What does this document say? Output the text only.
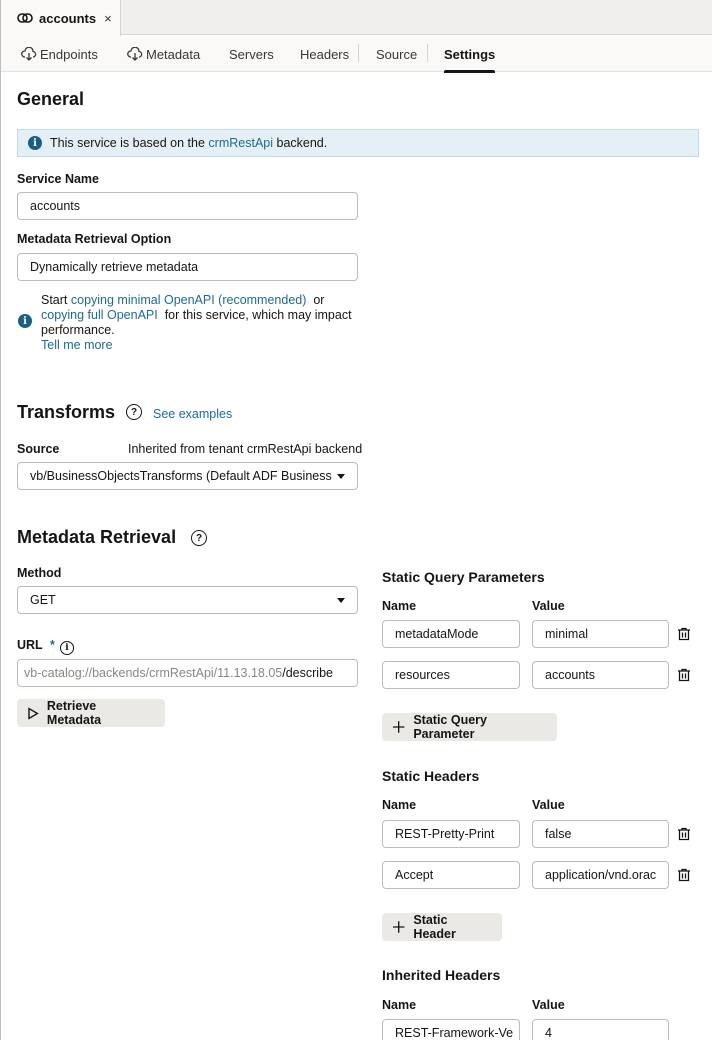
accounts ×
Endpoints	Metadata Servers Headers Source Settings
General
i	This service is based on the crmRestApi backend.
Service Name
accounts
Metadata Retrieval Option
Dynamically retrieve metadata
i
Start copying minimal OpenAPI (recommended)  or
copying full OpenAPI  for this service, which may impact performance.
Tell me more
Transforms	?	See examples
Source	Inherited from tenant crmRestApi backend
vb/BusinessObjectsTransforms (Default ADF Business
Metadata Retrieval	?
Method
GET
URL *	i
vb-catalog://backends/crmRestApi/11.13.18.05 /describe
Retrieve Metadata
Static Query Parameters
Name	Value
metadataMode	minimal
resources	accounts
Static Query Parameter
Static Headers
Name	Value
REST-Pretty-Print	false
Accept	application/vnd.orac
Static Header
Inherited Headers
Name	Value
REST-Framework-Ve	4
